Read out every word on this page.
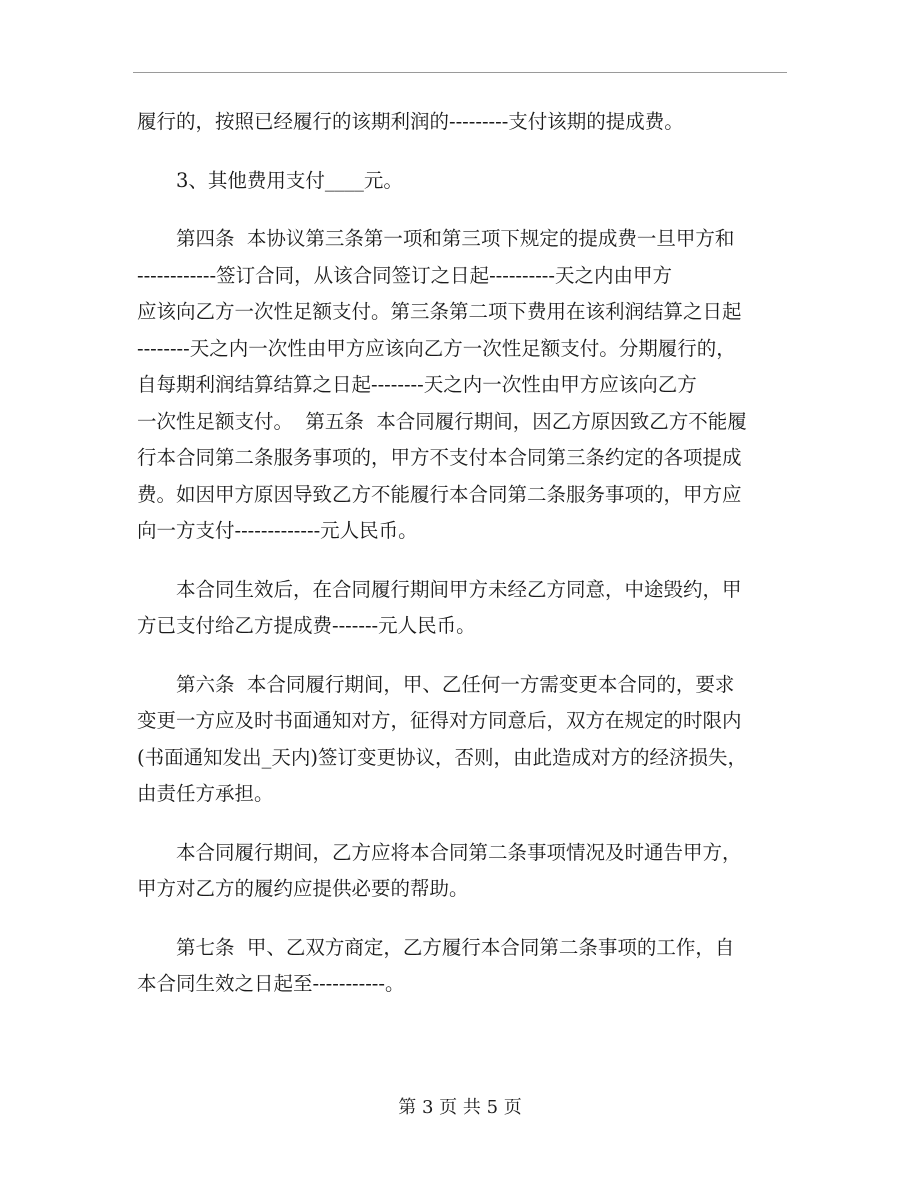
履行的，按照已经履行的该期利润的---------支付该期的提成费。
3、其他费用支付____元。
第四条  本协议第三条第一项和第三项下规定的提成费一旦甲方和
------------签订合同，从该合同签订之日起----------天之内由甲方
应该向乙方一次性足额支付。第三条第二项下费用在该利润结算之日起
--------天之内一次性由甲方应该向乙方一次性足额支付。分期履行的，
自每期利润结算结算之日起--------天之内一次性由甲方应该向乙方
一次性足额支付。  第五条  本合同履行期间，因乙方原因致乙方不能履
行本合同第二条服务事项的，甲方不支付本合同第三条约定的各项提成
费。如因甲方原因导致乙方不能履行本合同第二条服务事项的，甲方应
向一方支付-------------元人民币。
本合同生效后，在合同履行期间甲方未经乙方同意，中途毁约，甲
方已支付给乙方提成费-------元人民币。
第六条  本合同履行期间，甲、乙任何一方需变更本合同的，要求
变更一方应及时书面通知对方，征得对方同意后，双方在规定的时限内
(书面通知发出_天内)签订变更协议，否则，由此造成对方的经济损失，
由责任方承担。
本合同履行期间，乙方应将本合同第二条事项情况及时通告甲方，
甲方对乙方的履约应提供必要的帮助。
第七条  甲、乙双方商定，乙方履行本合同第二条事项的工作，自
本合同生效之日起至-----------。
第 3 页 共 5 页
